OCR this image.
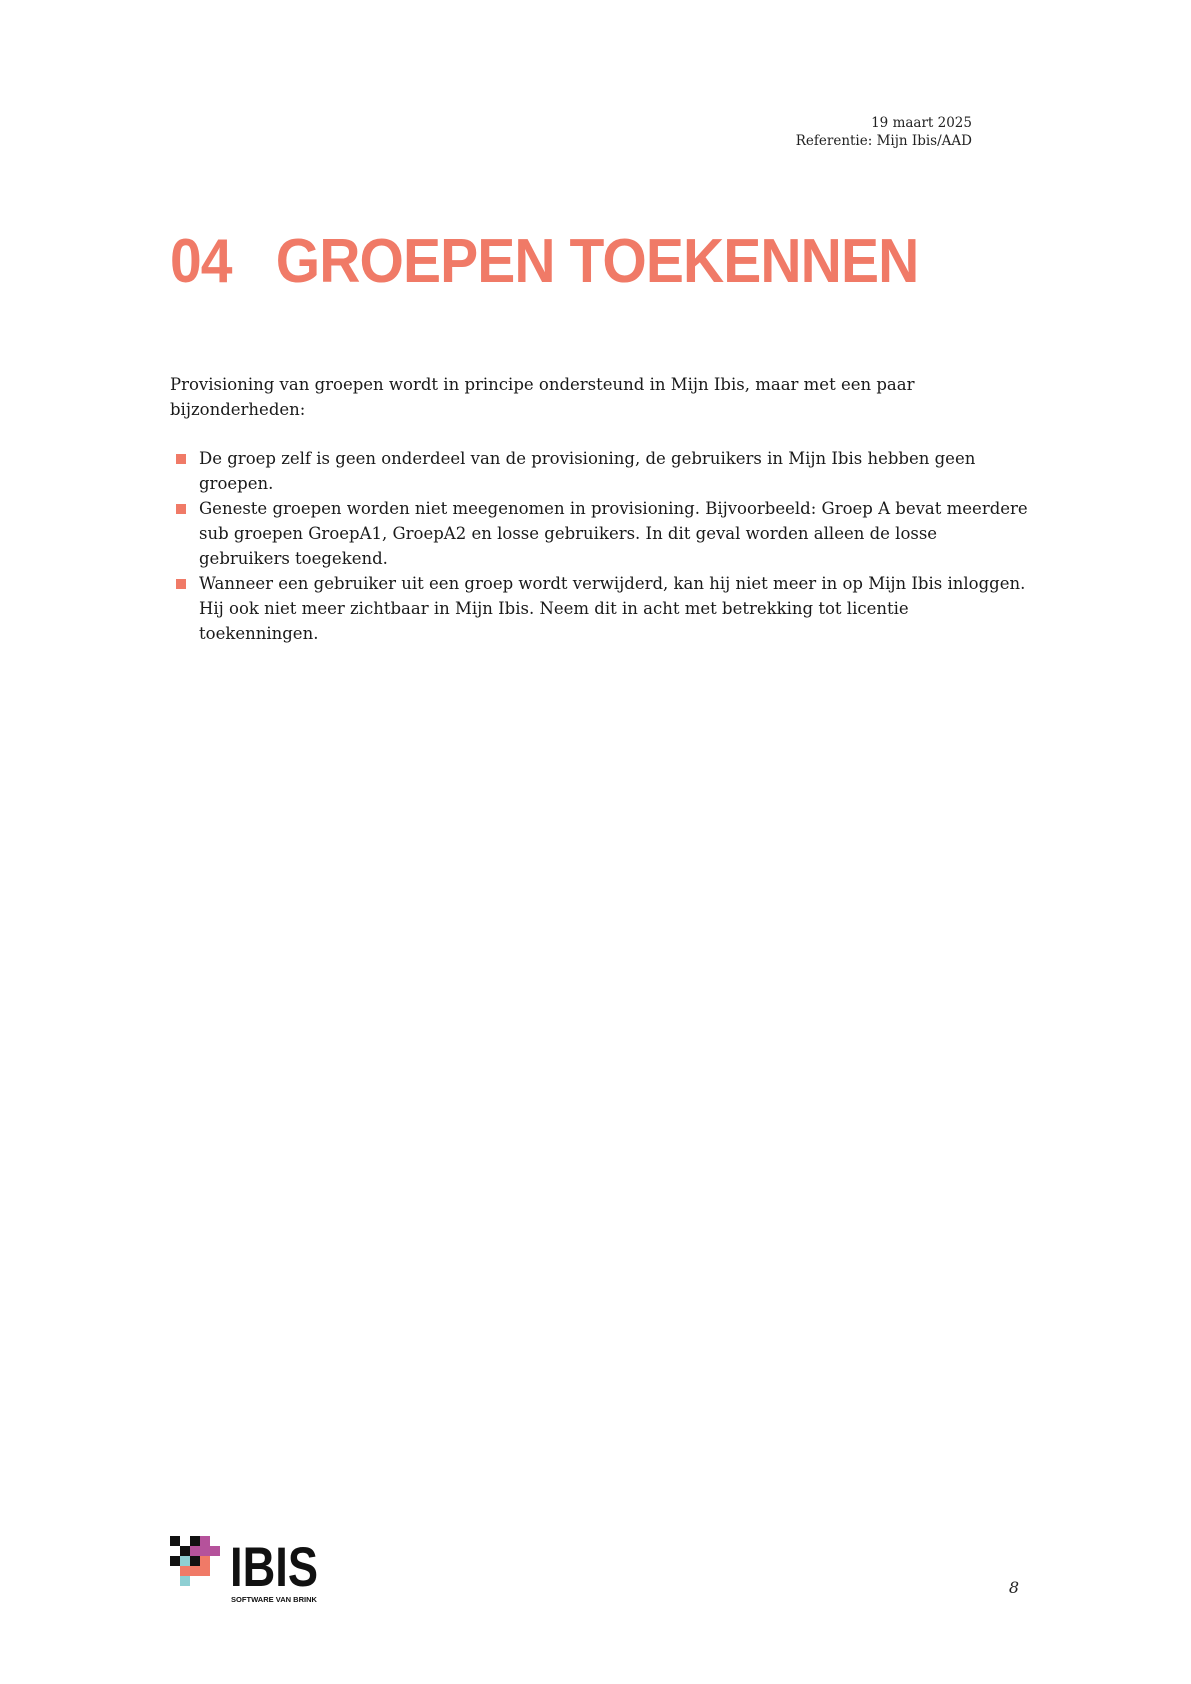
19 maart 2025
Referentie: Mijn Ibis/AAD
04 GROEPEN TOEKENNEN

Provisioning van groepen wordt in principe ondersteund in Mijn Ibis, maar met een paar bijzonderheden:

De groep zelf is geen onderdeel van de provisioning, de gebruikers in Mijn Ibis hebben geen groepen.
Geneste groepen worden niet meegenomen in provisioning. Bijvoorbeeld: Groep A bevat meerdere sub groepen GroepA1, GroepA2 en losse gebruikers. In dit geval worden alleen de losse gebruikers toegekend.
Wanneer een gebruiker uit een groep wordt verwijderd, kan hij niet meer in op Mijn Ibis inloggen. Hij ook niet meer zichtbaar in Mijn Ibis. Neem dit in acht met betrekking tot licentie toekenningen.
IBIS
SOFTWARE VAN BRINK
8
